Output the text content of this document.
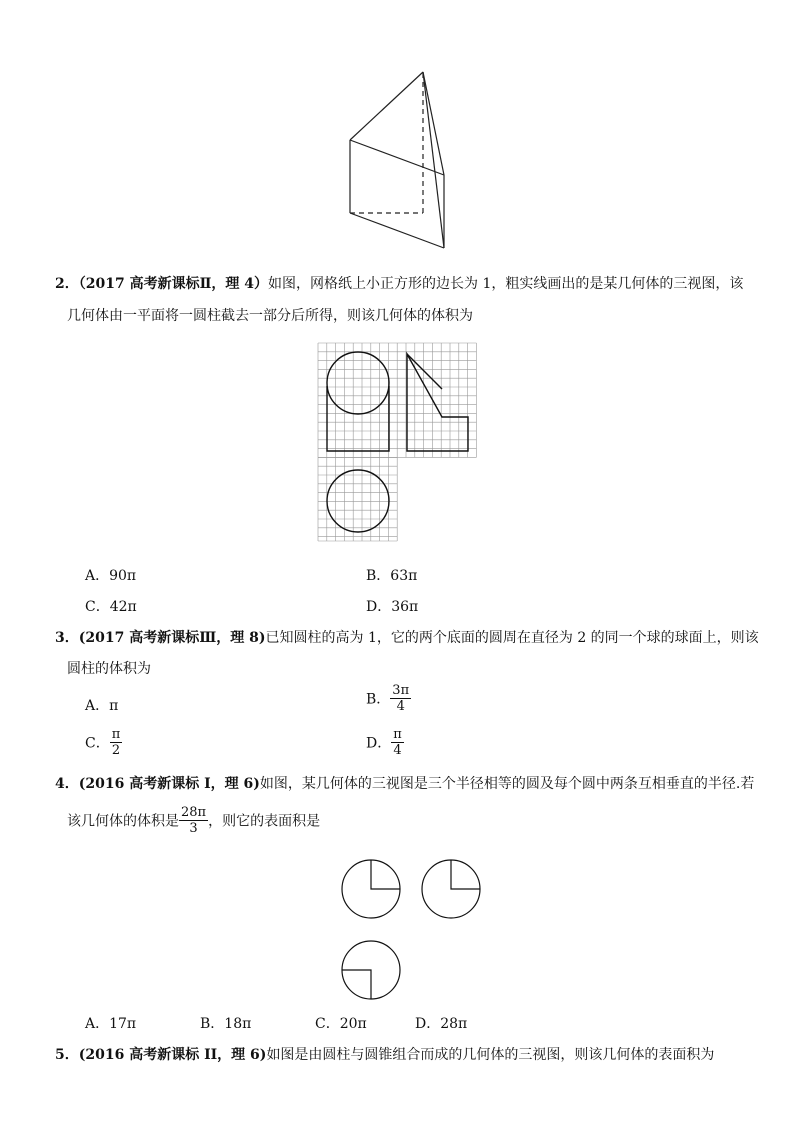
2．（2017 高考新课标Ⅱ，理 4）如图，网格纸上小正方形的边长为 1，粗实线画出的是某几何体的三视图，该
几何体由一平面将一圆柱截去一部分后所得，则该几何体的体积为
A．90π	B．63π
C．42π	D．36π
3．(2017 高考新课标Ⅲ，理 8)已知圆柱的高为 1，它的两个底面的圆周在直径为 2 的同一个球的球面上，则该
圆柱的体积为
A．π	B． $\frac{3\pi}{4}$
C． $\frac{\pi}{2}$	D． $\frac{\pi}{4}$
4．(2016 高考新课标 I，理 6)如图，某几何体的三视图是三个半径相等的圆及每个圆中两条互相垂直的半径.若
该几何体的体积是 $\frac{28\pi}{3}$ ，则它的表面积是
A．17π	B．18π	C．20π	D．28π
5．(2016 高考新课标 II，理 6)如图是由圆柱与圆锥组合而成的几何体的三视图，则该几何体的表面积为
